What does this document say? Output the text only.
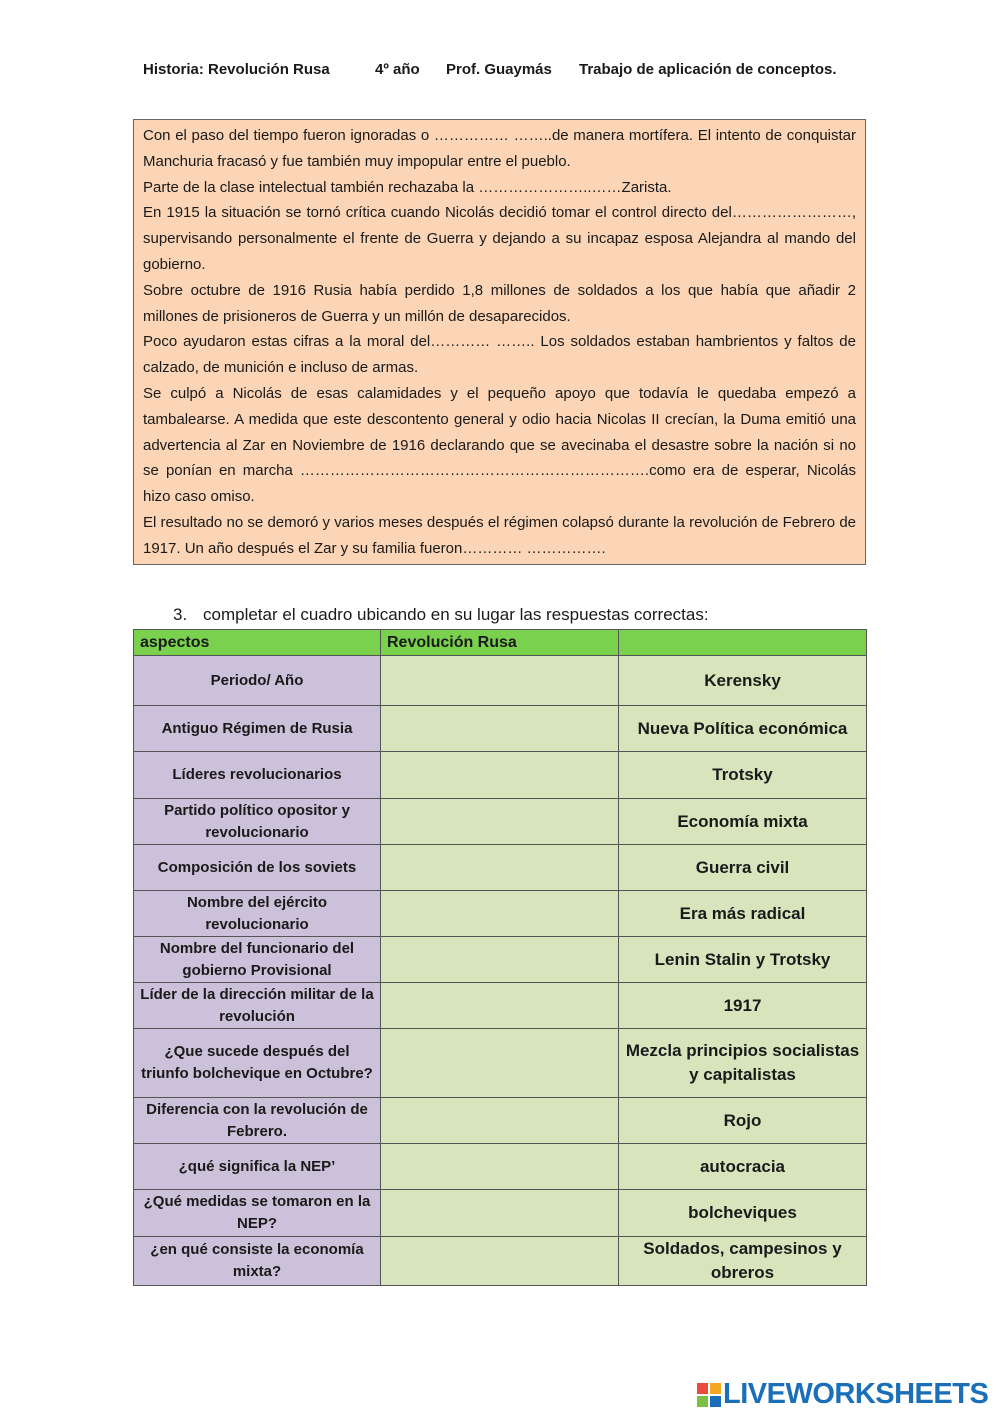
Historia: Revolución Rusa	4º año Prof. Guaymás Trabajo de aplicación de conceptos.

Con el paso del tiempo fueron ignoradas o …………… ……..de manera mortífera. El intento de conquistar Manchuria fracasó y fue también muy impopular entre el pueblo.

Parte de la clase intelectual también rechazaba la …………………..……Zarista.

En 1915 la situación se tornó crítica cuando Nicolás decidió tomar el control directo del……………………, supervisando personalmente el frente de Guerra y dejando a su incapaz esposa Alejandra al mando del gobierno.

Sobre octubre de 1916 Rusia había perdido 1,8 millones de soldados a los que había que añadir 2 millones de prisioneros de Guerra y un millón de desaparecidos.

Poco ayudaron estas cifras a la moral del………… …….. Los soldados estaban hambrientos y faltos de calzado, de munición e incluso de armas.

Se culpó a Nicolás de esas calamidades y el pequeño apoyo que todavía le quedaba empezó a tambalearse. A medida que este descontento general y odio hacia Nicolas II crecían, la Duma emitió una advertencia al Zar en Noviembre de 1916 declarando que se avecinaba el desastre sobre la nación si no se ponían en marcha …………………………………………………………….como era de esperar, Nicolás hizo caso omiso.

El resultado no se demoró y varios meses después el régimen colapsó durante la revolución de Febrero de 1917. Un año después el Zar y su familia fueron………… …………….

3. completar el cuadro ubicando en su lugar las respuestas correctas:
aspectos	Revolución Rusa	
Periodo/ Año		Kerensky
Antiguo Régimen de Rusia		Nueva Política económica
Líderes revolucionarios		Trotsky
Partido político opositor y revolucionario		Economía mixta
Composición de los soviets		Guerra civil
Nombre del ejército revolucionario		Era más radical
Nombre del funcionario del gobierno Provisional		Lenin Stalin y Trotsky
Líder de la dirección militar de la revolución		1917
¿Que sucede después del triunfo bolchevique en Octubre?		Mezcla principios socialistas y capitalistas
Diferencia con la revolución de Febrero.		Rojo
¿qué significa la NEP’		autocracia
¿Qué medidas se tomaron en la NEP?		bolcheviques
¿en qué consiste la economía mixta?		Soldados, campesinos y obreros
LIVEWORKSHEETS
